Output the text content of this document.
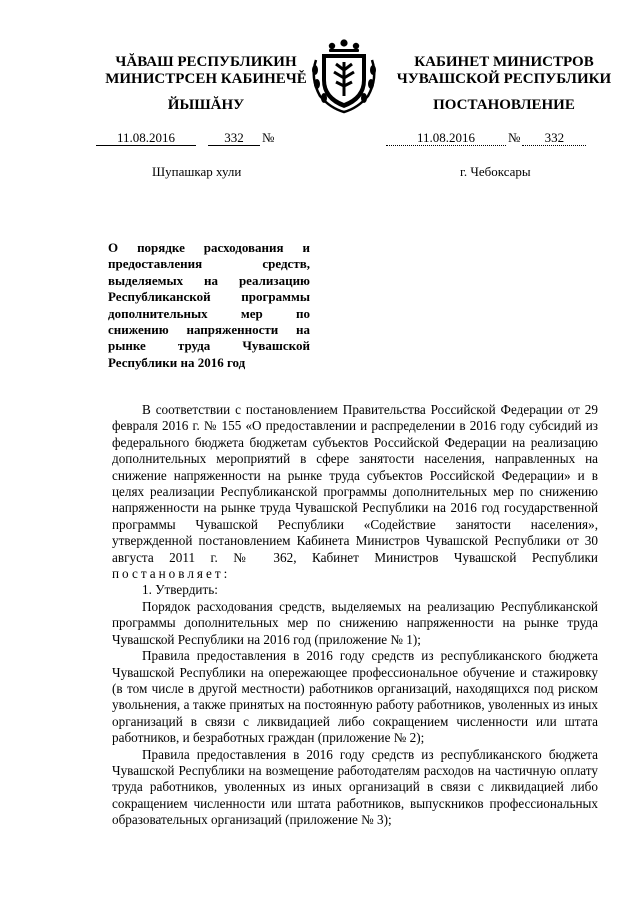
ЧĂВАШ РЕСПУБЛИКИН
МИНИСТРСЕН КАБИНЕЧĚ
ЙЫШĂНУ
КАБИНЕТ МИНИСТРОВ
ЧУВАШСКОЙ РЕСПУБЛИКИ
ПОСТАНОВЛЕНИЕ
11.08.2016	332 №	11.08.2016	№ 332
Шупашкар хули	г. Чебоксары
О порядке расходования и предоставления средств, выделяемых на реализацию Республиканской программы дополнительных мер по снижению напряженности на рынке труда Чувашской Республики на 2016 год

В соответствии с постановлением Правительства Российской Федерации от 29 февраля 2016 г. № 155 «О предоставлении и распределении в 2016 году субсидий из федерального бюджета бюджетам субъектов Российской Федерации на реализацию дополнительных мероприятий в сфере занятости населения, направленных на снижение напряженности на рынке труда субъектов Российской Федерации» и в целях реализации Республиканской программы дополнительных мер по снижению напряженности на рынке труда Чувашской Республики на 2016 год государственной программы Чувашской Республики «Содействие занятости населения», утвержденной постановлением Кабинета Министров Чувашской Республики от 30 августа 2011 г. № 362, Кабинет Министров Чувашской Республики постановляет:

1. Утвердить:

Порядок расходования средств, выделяемых на реализацию Республиканской программы дополнительных мер по снижению напряженности на рынке труда Чувашской Республики на 2016 год (приложение № 1);

Правила предоставления в 2016 году средств из республиканского бюджета Чувашской Республики на опережающее профессиональное обучение и стажировку (в том числе в другой местности) работников организаций, находящихся под риском увольнения, а также принятых на постоянную работу работников, уволенных из иных организаций в связи с ликвидацией либо сокращением численности или штата работников, и безработных граждан (приложение № 2);

Правила предоставления в 2016 году средств из республиканского бюджета Чувашской Республики на возмещение работодателям расходов на частичную оплату труда работников, уволенных из иных организаций в связи с ликвидацией либо сокращением численности или штата работников, выпускников профессиональных образовательных организаций (приложение № 3);
